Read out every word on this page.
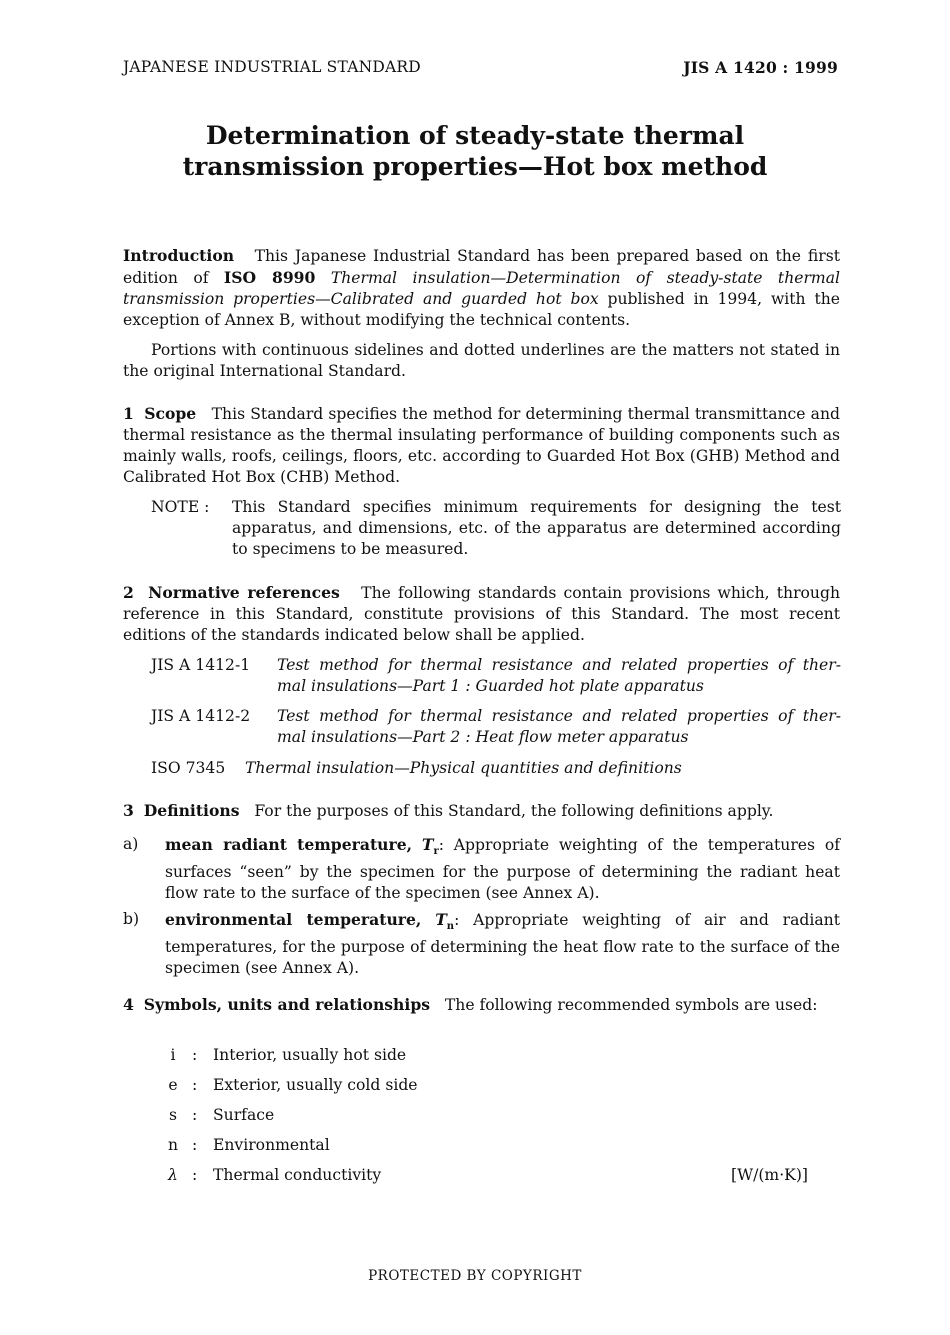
JAPANESE INDUSTRIAL STANDARD	JIS A 1420 : 1999
Determination of steady-state thermal
transmission properties—Hot box method

Introduction This Japanese Industrial Standard has been prepared based on the first edition of ISO 8990 Thermal insulation—Determination of steady-state thermal transmission properties—Calibrated and guarded hot box published in 1994, with the exception of Annex B, without modifying the technical contents.

Portions with continuous sidelines and dotted underlines are the matters not stated in the original International Standard.

1 Scope This Standard specifies the method for determining thermal transmittance and thermal resistance as the thermal insulating performance of building components such as mainly walls, roofs, ceilings, floors, etc. according to Guarded Hot Box (GHB) Method and Calibrated Hot Box (CHB) Method.

NOTE : This Standard specifies minimum requirements for designing the test apparatus, and dimensions, etc. of the apparatus are determined according to specimens to be measured.

2 Normative references The following standards contain provisions which, through reference in this Standard, constitute provisions of this Standard. The most recent editions of the standards indicated below shall be applied.

JIS A 1412-1 Test method for thermal resistance and related properties of ther-
mal insulations—Part 1 : Guarded hot plate apparatus
JIS A 1412-2 Test method for thermal resistance and related properties of ther-
mal insulations—Part 2 : Heat flow meter apparatus
ISO 7345 Thermal insulation—Physical quantities and definitions

3 Definitions For the purposes of this Standard, the following definitions apply.

a) mean radiant temperature, $T_r$: Appropriate weighting of the temperatures of surfaces “seen” by the specimen for the purpose of determining the radiant heat flow rate to the surface of the specimen (see Annex A).
b) environmental temperature, $T_n$: Appropriate weighting of air and radiant temperatures, for the purpose of determining the heat flow rate to the surface of the specimen (see Annex A).

4 Symbols, units and relationships The following recommended symbols are used:

i : Interior, usually hot side
e : Exterior, usually cold side
s : Surface
n : Environmental
λ : Thermal conductivity	[W/(m·K)]
PROTECTED BY COPYRIGHT
